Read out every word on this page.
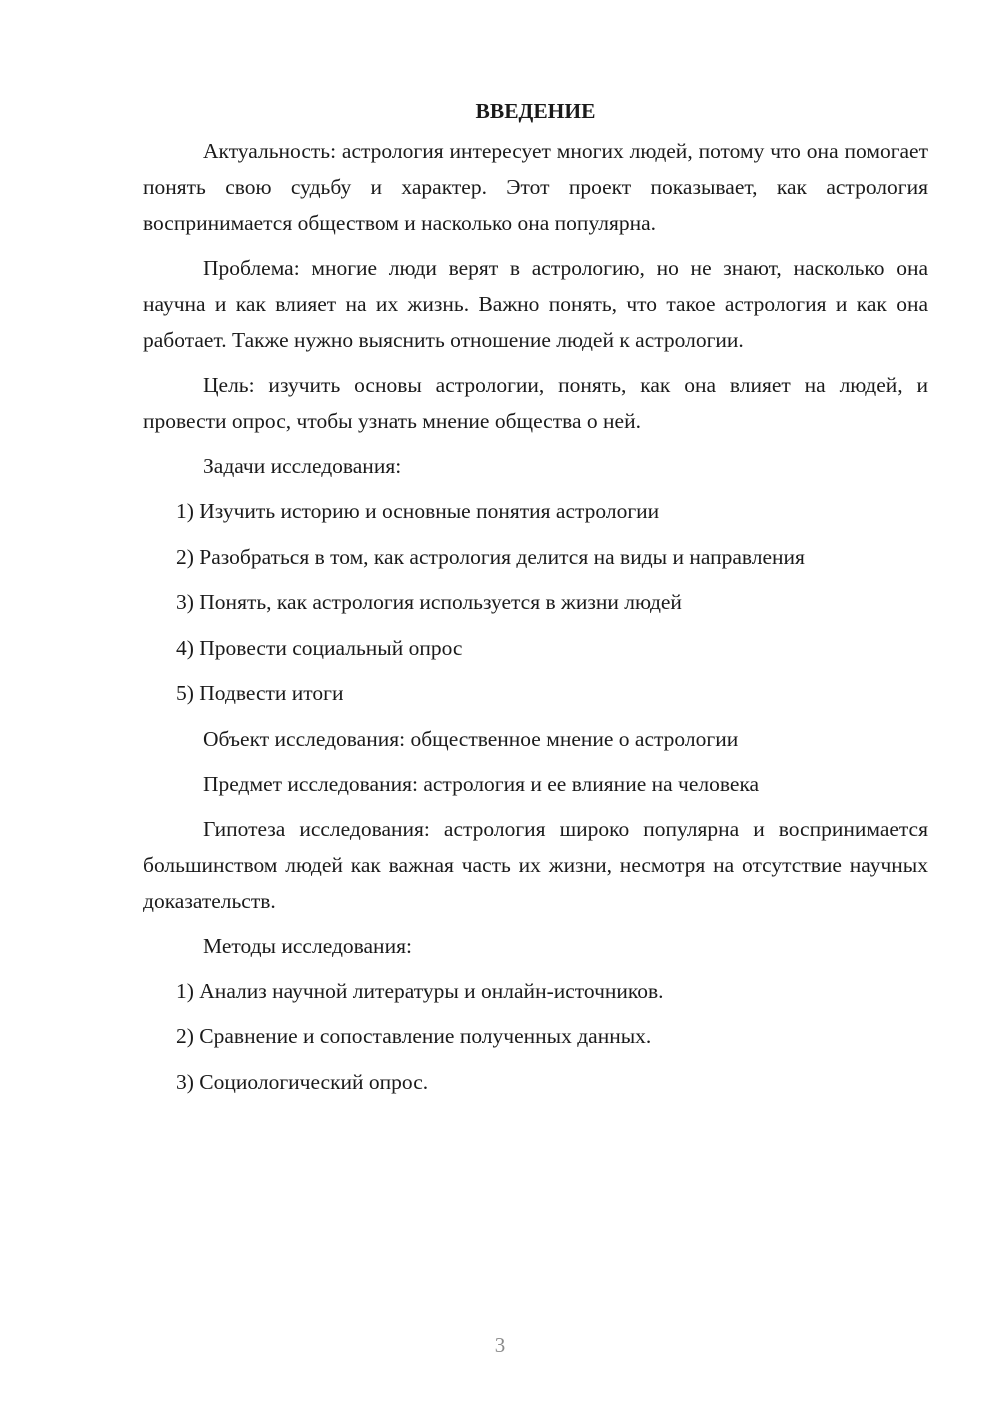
ВВЕДЕНИЕ

Актуальность: астрология интересует многих людей, потому что она помогает понять свою судьбу и характер. Этот проект показывает, как астрология воспринимается обществом и насколько она популярна.

Проблема: многие люди верят в астрологию, но не знают, насколько она научна и как влияет на их жизнь. Важно понять, что такое астрология и как она работает. Также нужно выяснить отношение людей к астрологии.

Цель: изучить основы астрологии, понять, как она влияет на людей, и провести опрос, чтобы узнать мнение общества о ней.

Задачи исследования:
1) Изучить историю и основные понятия астрологии
2) Разобраться в том, как астрология делится на виды и направления
3) Понять, как астрология используется в жизни людей
4) Провести социальный опрос
5) Подвести итоги
Объект исследования: общественное мнение о астрологии
Предмет исследования: астрология и ее влияние на человека

Гипотеза исследования: астрология широко популярна и воспринимается большинством людей как важная часть их жизни, несмотря на отсутствие научных доказательств.

Методы исследования:
1) Анализ научной литературы и онлайн-источников.
2) Сравнение и сопоставление полученных данных.
3) Социологический опрос.
3
